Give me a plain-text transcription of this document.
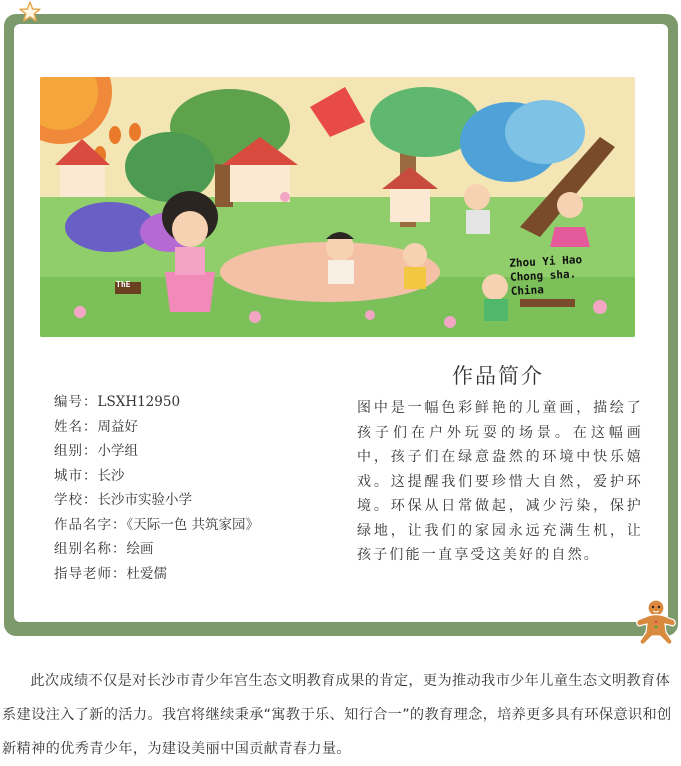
Zhou Yi Hao
Chong sha.
China
ThE
作品简介
编号：LSXH12950
姓名：周益好
组别：小学组
城市：长沙
学校：长沙市实验小学
作品名字：《天际一色 共筑家园》
组别名称：绘画
指导老师：杜爱儒
图中是一幅色彩鲜艳的儿童画，描绘了孩子们在户外玩耍的场景。在这幅画中，孩子们在绿意盎然的环境中快乐嬉戏。这提醒我们要珍惜大自然，爱护环境。环保从日常做起，减少污染，保护绿地，让我们的家园永远充满生机，让孩子们能一直享受这美好的自然。
此次成绩不仅是对长沙市青少年宫生态文明教育成果的肯定，更为推动我市少年儿童生态文明教育体系建设注入了新的活力。我宫将继续秉承“寓教于乐、知行合一”的教育理念，培养更多具有环保意识和创新精神的优秀青少年，为建设美丽中国贡献青春力量。
